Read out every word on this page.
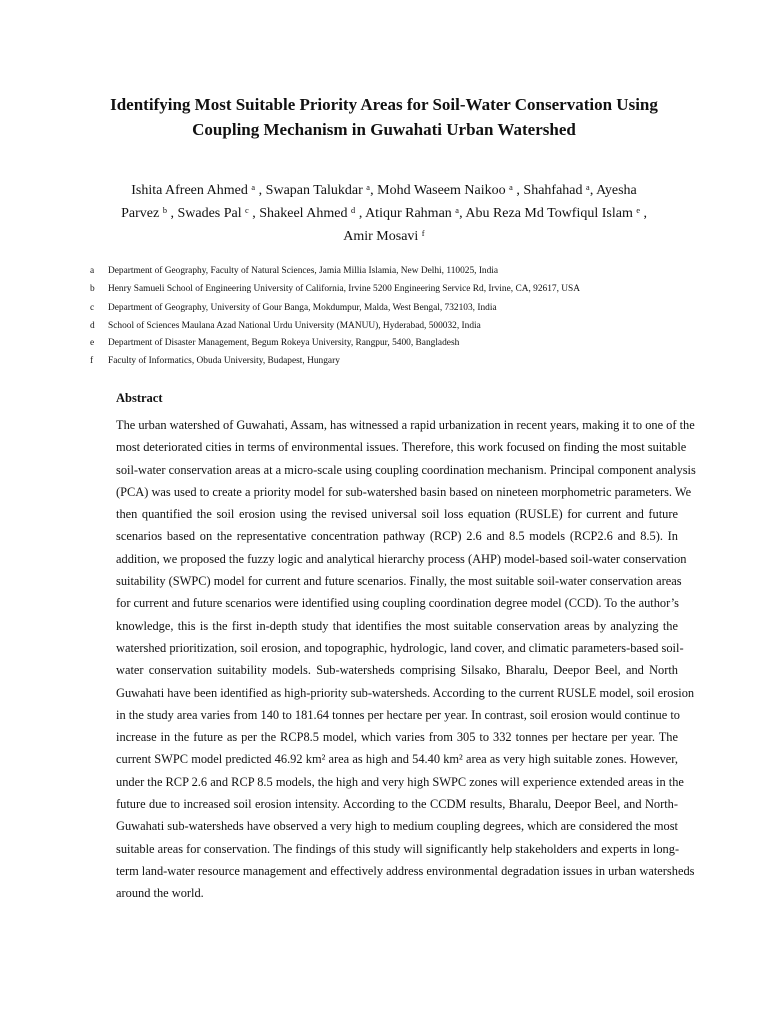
Identifying Most Suitable Priority Areas for Soil-Water Conservation Using
Coupling Mechanism in Guwahati Urban Watershed
Ishita Afreen Ahmed ᵃ , Swapan Talukdar ᵃ, Mohd Waseem Naikoo ᵃ , Shahfahad ᵃ, Ayesha
Parvez ᵇ , Swades Pal ᶜ , Shakeel Ahmed ᵈ , Atiqur Rahman ᵃ, Abu Reza Md Towfiqul Islam ᵉ ,
Amir Mosavi ᶠ
a Department of Geography, Faculty of Natural Sciences, Jamia Millia Islamia, New Delhi, 110025, India
b Henry Samueli School of Engineering University of California, Irvine 5200 Engineering Service Rd, Irvine, CA, 92617, USA
c Department of Geography, University of Gour Banga, Mokdumpur, Malda, West Bengal, 732103, India
d School of Sciences Maulana Azad National Urdu University (MANUU), Hyderabad, 500032, India
e Department of Disaster Management, Begum Rokeya University, Rangpur, 5400, Bangladesh
f Faculty of Informatics, Obuda University, Budapest, Hungary
Abstract
The urban watershed of Guwahati, Assam, has witnessed a rapid urbanization in recent years, making it to one of the
most deteriorated cities in terms of environmental issues. Therefore, this work focused on finding the most suitable
soil-water conservation areas at a micro-scale using coupling coordination mechanism. Principal component analysis
(PCA) was used to create a priority model for sub-watershed basin based on nineteen morphometric parameters. We
then quantified the soil erosion using the revised universal soil loss equation (RUSLE) for current and future
scenarios based on the representative concentration pathway (RCP) 2.6 and 8.5 models (RCP2.6 and 8.5). In
addition, we proposed the fuzzy logic and analytical hierarchy process (AHP) model-based soil-water conservation
suitability (SWPC) model for current and future scenarios. Finally, the most suitable soil-water conservation areas
for current and future scenarios were identified using coupling coordination degree model (CCD). To the author’s
knowledge, this is the first in-depth study that identifies the most suitable conservation areas by analyzing the
watershed prioritization, soil erosion, and topographic, hydrologic, land cover, and climatic parameters-based soil-
water conservation suitability models. Sub-watersheds comprising Silsako, Bharalu, Deepor Beel, and North
Guwahati have been identified as high-priority sub-watersheds. According to the current RUSLE model, soil erosion
in the study area varies from 140 to 181.64 tonnes per hectare per year. In contrast, soil erosion would continue to
increase in the future as per the RCP8.5 model, which varies from 305 to 332 tonnes per hectare per year. The
current SWPC model predicted 46.92 km² area as high and 54.40 km² area as very high suitable zones. However,
under the RCP 2.6 and RCP 8.5 models, the high and very high SWPC zones will experience extended areas in the
future due to increased soil erosion intensity. According to the CCDM results, Bharalu, Deepor Beel, and North-
Guwahati sub-watersheds have observed a very high to medium coupling degrees, which are considered the most
suitable areas for conservation. The findings of this study will significantly help stakeholders and experts in long-
term land-water resource management and effectively address environmental degradation issues in urban watersheds
around the world.
